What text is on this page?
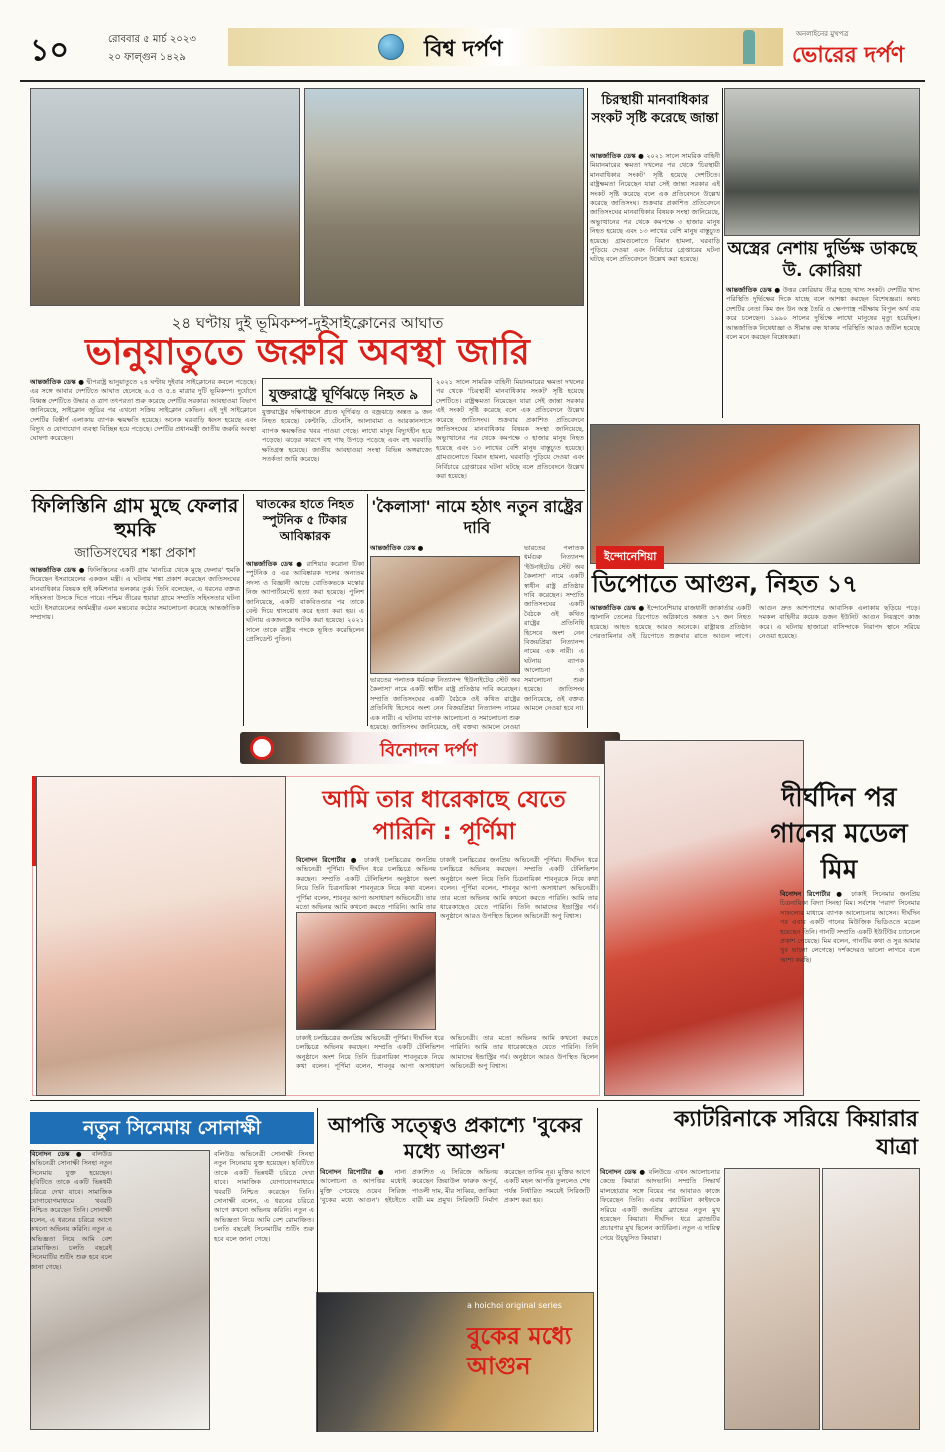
১০	রোববার ৫ মার্চ ২০২৩
২০ ফাল্গুন ১৪২৯	বিশ্ব দর্পণ
অনলাইনের মুখপত্র
ভোরের দর্পণ
২৪ ঘণ্টায় দুই ভূমিকম্প-দুইসাইক্লোনের আঘাত
ভানুয়াতুতে জরুরি অবস্থা জারি
আন্তর্জাতিক ডেস্ক ● দ্বীপরাষ্ট্র ভানুয়াতুতে ২৪ ঘণ্টায় দুইবার সাইক্লোনের কবলে পড়েছে। এর সঙ্গে আবার দেশটিতে আঘাত হেনেছে ৬.৫ ও ৫.৪ মাত্রার দুটি ভূমিকম্প। দুর্যোগে বিধ্বস্ত দেশটিতে উদ্ধার ও ত্রাণ তৎপরতা শুরু করেছে দেশটির সরকার। আবহাওয়া বিভাগ জানিয়েছে, সাইক্লোন জুডির পর এখনো সক্রিয় সাইক্লোন কেভিন। এই দুই সাইক্লোনে দেশটির বিস্তীর্ণ এলাকায় ব্যাপক ক্ষয়ক্ষতি হয়েছে। অনেক ঘরবাড়ি ধ্বংস হয়েছে এবং বিদ্যুৎ ও যোগাযোগ ব্যবস্থা বিচ্ছিন্ন হয়ে পড়েছে। দেশটির প্রধানমন্ত্রী জাতীয় জরুরি অবস্থা ঘোষণা করেছেন।
যুক্তরাষ্ট্রে ঘূর্ণিঝড়ে নিহত ৯
যুক্তরাষ্ট্রের দক্ষিণাঞ্চলে প্রচণ্ড ঘূর্ণিঝড় ও বজ্রঝড়ে অন্তত ৯ জন নিহত হয়েছে। কেন্টাকি, টেনেসি, আলাবামা ও আরকানসাসে ব্যাপক ক্ষয়ক্ষতির খবর পাওয়া গেছে। লাখো মানুষ বিদ্যুৎহীন হয়ে পড়েছে। ঝড়ের কারণে বহু গাছ উপড়ে পড়েছে এবং বহু ঘরবাড়ি ক্ষতিগ্রস্ত হয়েছে। জাতীয় আবহাওয়া সংস্থা বিভিন্ন অঙ্গরাজ্যে সতর্কতা জারি করেছে।
২০২১ সালে সামরিক বাহিনী মিয়ানমারের ক্ষমতা দখলের পর থেকে 'চিরস্থায়ী মানবাধিকার সংকট' সৃষ্টি হয়েছে দেশটিতে। রাষ্ট্রক্ষমতা নিয়েছেন যারা সেই জান্তা সরকার এই সংকট সৃষ্টি করেছে বলে এক প্রতিবেদনে উল্লেখ করেছে জাতিসংঘ। শুক্রবার প্রকাশিত প্রতিবেদনে জাতিসংঘের মানবাধিকার বিষয়ক সংস্থা জানিয়েছে, অভ্যুত্থানের পর থেকে কমপক্ষে ৩ হাজার মানুষ নিহত হয়েছে এবং ১৩ লাখের বেশি মানুষ বাস্তুচ্যুত হয়েছে। গ্রামগুলোতে বিমান হামলা, ঘরবাড়ি পুড়িয়ে দেওয়া এবং নির্বিচারে গ্রেপ্তারের ঘটনা ঘটছে বলে প্রতিবেদনে উল্লেখ করা হয়েছে।
চিরস্থায়ী মানবাধিকার সংকট সৃষ্টি করেছে জান্তা
আন্তর্জাতিক ডেস্ক ● ২০২১ সালে সামরিক বাহিনী মিয়ানমারের ক্ষমতা দখলের পর থেকে 'চিরস্থায়ী মানবাধিকার সংকট' সৃষ্টি হয়েছে দেশটিতে। রাষ্ট্রক্ষমতা নিয়েছেন যারা সেই জান্তা সরকার এই সংকট সৃষ্টি করেছে বলে এক প্রতিবেদনে উল্লেখ করেছে জাতিসংঘ। শুক্রবার প্রকাশিত প্রতিবেদনে জাতিসংঘের মানবাধিকার বিষয়ক সংস্থা জানিয়েছে, অভ্যুত্থানের পর থেকে কমপক্ষে ৩ হাজার মানুষ নিহত হয়েছে এবং ১৩ লাখের বেশি মানুষ বাস্তুচ্যুত হয়েছে। গ্রামগুলোতে বিমান হামলা, ঘরবাড়ি পুড়িয়ে দেওয়া এবং নির্বিচারে গ্রেপ্তারের ঘটনা ঘটছে বলে প্রতিবেদনে উল্লেখ করা হয়েছে।
অস্ত্রের নেশায় দুর্ভিক্ষ ডাকছে উ. কোরিয়া
আন্তর্জাতিক ডেস্ক ● উত্তর কোরিয়ায় তীব্র হচ্ছে খাদ্য সংকট। দেশটির খাদ্য পরিস্থিতি দুর্ভিক্ষের দিকে যাচ্ছে বলে আশঙ্কা করছেন বিশেষজ্ঞরা। অথচ দেশটির নেতা কিম জং উন অস্ত্র তৈরি ও ক্ষেপণাস্ত্র পরীক্ষায় বিপুল অর্থ ব্যয় করে চলেছেন। ১৯৯০ সালের দুর্ভিক্ষে লাখো মানুষের মৃত্যু হয়েছিল। আন্তর্জাতিক নিষেধাজ্ঞা ও সীমান্ত বন্ধ থাকায় পরিস্থিতি আরও জটিল হয়েছে বলে মনে করছেন বিশ্লেষকরা।
ইন্দোনেশিয়া
ডিপোতে আগুন, নিহত ১৭
আন্তর্জাতিক ডেস্ক ● ইন্দোনেশিয়ার রাজধানী জাকার্তার একটি জ্বালানি তেলের ডিপোতে অগ্নিকাণ্ডে অন্তত ১৭ জন নিহত হয়েছে। আহত হয়েছে আরও অনেকে। রাষ্ট্রায়ত্ত প্রতিষ্ঠান পেরতামিনার ওই ডিপোতে শুক্রবার রাতে আগুন লাগে। আগুন দ্রুত আশপাশের আবাসিক এলাকায় ছড়িয়ে পড়ে। দমকল বাহিনীর কয়েক ডজন ইউনিট আগুন নিয়ন্ত্রণে কাজ করে। এ ঘটনায় হাজারো বাসিন্দাকে নিরাপদ স্থানে সরিয়ে নেওয়া হয়েছে।
ফিলিস্তিনি গ্রাম মুছে ফেলার হুমকি
জাতিসংঘের শঙ্কা প্রকাশ
আন্তর্জাতিক ডেস্ক ● ফিলিস্তিনের একটি গ্রাম 'মানচিত্র থেকে মুছে ফেলার' হুমকি দিয়েছেন ইসরায়েলের একজন মন্ত্রী। এ ঘটনায় শঙ্কা প্রকাশ করেছেন জাতিসংঘের মানবাধিকার বিষয়ক হাই কমিশনার ভলকার তুর্ক। তিনি বলেছেন, এ ধরনের বক্তব্য সহিংসতা উসকে দিতে পারে। পশ্চিম তীরের হুয়ারা গ্রামে সম্প্রতি সহিংসতার ঘটনা ঘটে। ইসরায়েলের অর্থমন্ত্রীর এমন মন্তব্যের কঠোর সমালোচনা করেছে আন্তর্জাতিক সম্প্রদায়।
ঘাতকের হাতে নিহত স্পুটনিক ৫ টিকার আবিষ্কারক
আন্তর্জাতিক ডেস্ক ● রাশিয়ার করোনা টিকা স্পুটনিক ৫ এর আবিষ্কারক দলের অন্যতম সদস্য ও বিজ্ঞানী আন্দ্রে বোতিকভকে মস্কোর নিজ অ্যাপার্টমেন্টে হত্যা করা হয়েছে। পুলিশ জানিয়েছে, একটি বাকবিতণ্ডার পর তাকে বেল্ট দিয়ে শ্বাসরোধ করে হত্যা করা হয়। এ ঘটনায় একজনকে আটক করা হয়েছে। ২০২১ সালে তাকে রাষ্ট্রীয় পদকে ভূষিত করেছিলেন প্রেসিডেন্ট পুতিন।
'কৈলাসা' নামে হঠাৎ নতুন রাষ্ট্রের দাবি
আন্তর্জাতিক ডেস্ক ●	ভারতের পলাতক ধর্মগুরু নিত্যানন্দ 'ইউনাইটেড স্টেট অব কৈলাসা' নামে একটি স্বাধীন রাষ্ট্র প্রতিষ্ঠার দাবি করেছেন। সম্প্রতি জাতিসংঘের একটি বৈঠকে ওই কথিত রাষ্ট্রের প্রতিনিধি হিসেবে অংশ নেন বিজয়প্রিয়া নিত্যানন্দ নামের এক নারী। এ ঘটনায় ব্যাপক আলোচনা ও সমালোচনা শুরু হয়েছে। জাতিসংঘ জানিয়েছে, ওই বক্তব্য আমলে নেওয়া হবে না।
ভারতের পলাতক ধর্মগুরু নিত্যানন্দ 'ইউনাইটেড স্টেট অব কৈলাসা' নামে একটি স্বাধীন রাষ্ট্র প্রতিষ্ঠার দাবি করেছেন। সম্প্রতি জাতিসংঘের একটি বৈঠকে ওই কথিত রাষ্ট্রের প্রতিনিধি হিসেবে অংশ নেন বিজয়প্রিয়া নিত্যানন্দ নামের এক নারী। এ ঘটনায় ব্যাপক আলোচনা ও সমালোচনা শুরু হয়েছে। জাতিসংঘ জানিয়েছে, ওই বক্তব্য আমলে নেওয়া
বিনোদন দর্পণ
আমি তার ধারেকাছে যেতে পারিনি : পূর্ণিমা
বিনোদন রিপোর্টার ● ঢাকাই চলচ্চিত্রের জনপ্রিয় অভিনেত্রী পূর্ণিমা। দীর্ঘদিন ধরে চলচ্চিত্রে অভিনয় করছেন। সম্প্রতি একটি টেলিভিশন অনুষ্ঠানে অংশ নিয়ে তিনি চিত্রনায়িকা শাবনূরকে নিয়ে কথা বলেন। পূর্ণিমা বলেন, শাবনূর আপা অসাধারণ অভিনেত্রী। তার মতো অভিনয় আমি কখনো করতে পারিনি। আমি তার
ঢাকাই চলচ্চিত্রের জনপ্রিয় অভিনেত্রী পূর্ণিমা। দীর্ঘদিন ধরে চলচ্চিত্রে অভিনয় করছেন। সম্প্রতি একটি টেলিভিশন অনুষ্ঠানে অংশ নিয়ে তিনি চিত্রনায়িকা শাবনূরকে নিয়ে কথা বলেন। পূর্ণিমা বলেন, শাবনূর আপা অসাধারণ অভিনেত্রী। তার মতো অভিনয় আমি কখনো করতে পারিনি। আমি তার ধারেকাছেও যেতে পারিনি। তিনি আমাদের ইন্ডাস্ট্রির গর্ব। অনুষ্ঠানে আরও উপস্থিত ছিলেন অভিনেত্রী অপু বিশ্বাস।
ঢাকাই চলচ্চিত্রের জনপ্রিয় অভিনেত্রী পূর্ণিমা। দীর্ঘদিন ধরে চলচ্চিত্রে অভিনয় করছেন। সম্প্রতি একটি টেলিভিশন অনুষ্ঠানে অংশ নিয়ে তিনি চিত্রনায়িকা শাবনূরকে নিয়ে কথা বলেন। পূর্ণিমা বলেন, শাবনূর আপা অসাধারণ অভিনেত্রী। তার মতো অভিনয় আমি কখনো করতে পারিনি। আমি তার ধারেকাছেও যেতে পারিনি। তিনি আমাদের ইন্ডাস্ট্রির গর্ব। অনুষ্ঠানে আরও উপস্থিত ছিলেন অভিনেত্রী অপু বিশ্বাস।
দীর্ঘদিন পর গানের মডেল মিম
বিনোদন রিপোর্টার ● ঢাকাই সিনেমার জনপ্রিয় চিত্রনায়িকা বিদ্যা সিনহা মিম। সর্বশেষ 'পরাণ' সিনেমার সাফল্যের মাধ্যমে ব্যাপক আলোচনায় আসেন। দীর্ঘদিন পর এবার একটি গানের মিউজিক ভিডিওতে মডেল হয়েছেন তিনি। গানটি সম্প্রতি একটি ইউটিউব চ্যানেলে প্রকাশ পেয়েছে। মিম বলেন, গানটির কথা ও সুর আমার খুব ভালো লেগেছে। দর্শকদেরও ভালো লাগবে বলে আশা করছি।
নতুন সিনেমায় সোনাক্ষী
বিনোদন ডেস্ক ● বলিউড অভিনেত্রী সোনাক্ষী সিনহা নতুন সিনেমায় যুক্ত হয়েছেন। ছবিটিতে তাকে একটি ভিন্নধর্মী চরিত্রে দেখা যাবে। সামাজিক যোগাযোগমাধ্যমে খবরটি নিশ্চিত করেছেন তিনি। সোনাক্ষী বলেন, এ ধরনের চরিত্রে আগে কখনো অভিনয় করিনি। নতুন এ অভিজ্ঞতা নিয়ে আমি বেশ রোমাঞ্চিত। চলতি বছরেই সিনেমাটির শুটিং শুরু হবে বলে জানা গেছে।
বলিউড অভিনেত্রী সোনাক্ষী সিনহা নতুন সিনেমায় যুক্ত হয়েছেন। ছবিটিতে তাকে একটি ভিন্নধর্মী চরিত্রে দেখা যাবে। সামাজিক যোগাযোগমাধ্যমে খবরটি নিশ্চিত করেছেন তিনি। সোনাক্ষী বলেন, এ ধরনের চরিত্রে আগে কখনো অভিনয় করিনি। নতুন এ অভিজ্ঞতা নিয়ে আমি বেশ রোমাঞ্চিত। চলতি বছরেই সিনেমাটির শুটিং শুরু হবে বলে জানা গেছে।
আপত্তি সত্ত্বেও প্রকাশ্যে 'বুকের মধ্যে আগুন'
বিনোদন রিপোর্টার ● নানা আলোচনা ও আপত্তির মধ্যেই মুক্তি পেয়েছে ওয়েব সিরিজ 'বুকের মধ্যে আগুন'। হইচইতে প্রকাশিত এ সিরিজে অভিনয় করেছেন জিয়াউল ফারুক অপূর্ব, পাওলী দাম, মীর সাব্বির, জাকিয়া বারী মম প্রমুখ। সিরিজটি নির্মাণ করেছেন তানিম নূর। মুক্তির আগে একটি মহল আপত্তি তুললেও শেষ পর্যন্ত নির্ধারিত সময়েই সিরিজটি প্রকাশ করা হয়।
a hoichoi original series
বুকের মধ্যে আগুন
ক্যাটরিনাকে সরিয়ে কিয়ারার যাত্রা
বিনোদন ডেস্ক ● বলিউডে এখন আলোচনার কেন্দ্রে কিয়ারা আদভানি। সম্প্রতি সিদ্ধার্থ মালহোত্রার সঙ্গে বিয়ের পর আবারও কাজে ফিরেছেন তিনি। এবার ক্যাটরিনা কাইফকে সরিয়ে একটি জনপ্রিয় ব্র্যান্ডের নতুন মুখ হয়েছেন কিয়ারা। দীর্ঘদিন ধরে ব্র্যান্ডটির প্রচারণার মুখ ছিলেন ক্যাটরিনা। নতুন এ দায়িত্ব পেয়ে উচ্ছ্বসিত কিয়ারা।
